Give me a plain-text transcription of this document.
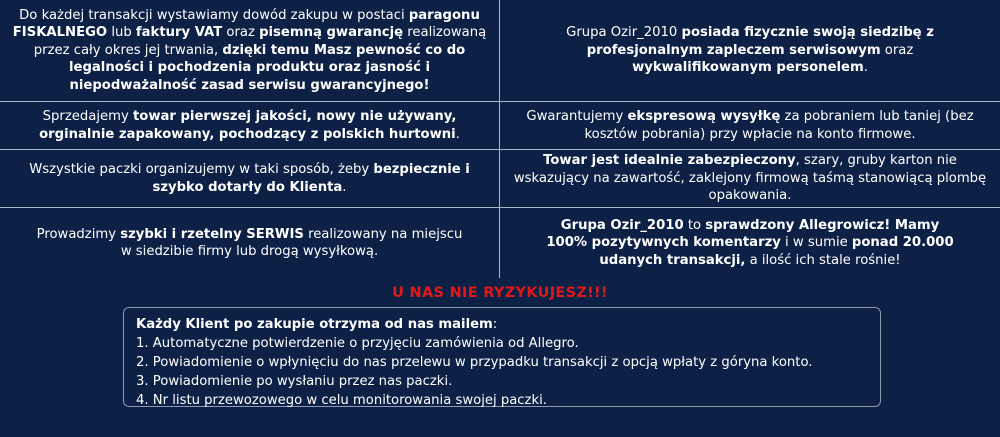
Do każdej transakcji wystawiamy dowód zakupu w postaci paragonu FISKALNEGO lub faktury VAT oraz pisemną gwarancję realizowaną przez cały okres jej trwania, dzięki temu Masz pewność co do legalności i pochodzenia produktu oraz jasność i niepodważalność zasad serwisu gwarancyjnego!

Grupa Ozir_2010 posiada fizycznie swoją siedzibę z profesjonalnym zapleczem serwisowym oraz wykwalifikowanym personelem.

Sprzedajemy towar pierwszej jakości, nowy nie używany, orginalnie zapakowany, pochodzący z polskich hurtowni.

Gwarantujemy ekspresową wysyłkę za pobraniem lub taniej (bez kosztów pobrania) przy wpłacie na konto firmowe.

Wszystkie paczki organizujemy w taki sposób, żeby bezpiecznie i szybko dotarły do Klienta.

Towar jest idealnie zabezpieczony, szary, gruby karton nie wskazujący na zawartość, zaklejony firmową taśmą stanowiącą plombę opakowania.

Prowadzimy szybki i rzetelny SERWIS realizowany na miejscu w siedzibie firmy lub drogą wysyłkową.

Grupa Ozir_2010 to sprawdzony Allegrowicz! Mamy 100% pozytywnych komentarzy i w sumie ponad 20.000 udanych transakcji, a ilość ich stale rośnie!

U NAS NIE RYZYKUJESZ!!!
Każdy Klient po zakupie otrzyma od nas mailem:
1. Automatyczne potwierdzenie o przyjęciu zamówienia od Allegro.
2. Powiadomienie o wpłynięciu do nas przelewu w przypadku transakcji z opcją wpłaty z góryna konto.
3. Powiadomienie po wysłaniu przez nas paczki.
4. Nr listu przewozowego w celu monitorowania swojej paczki.
